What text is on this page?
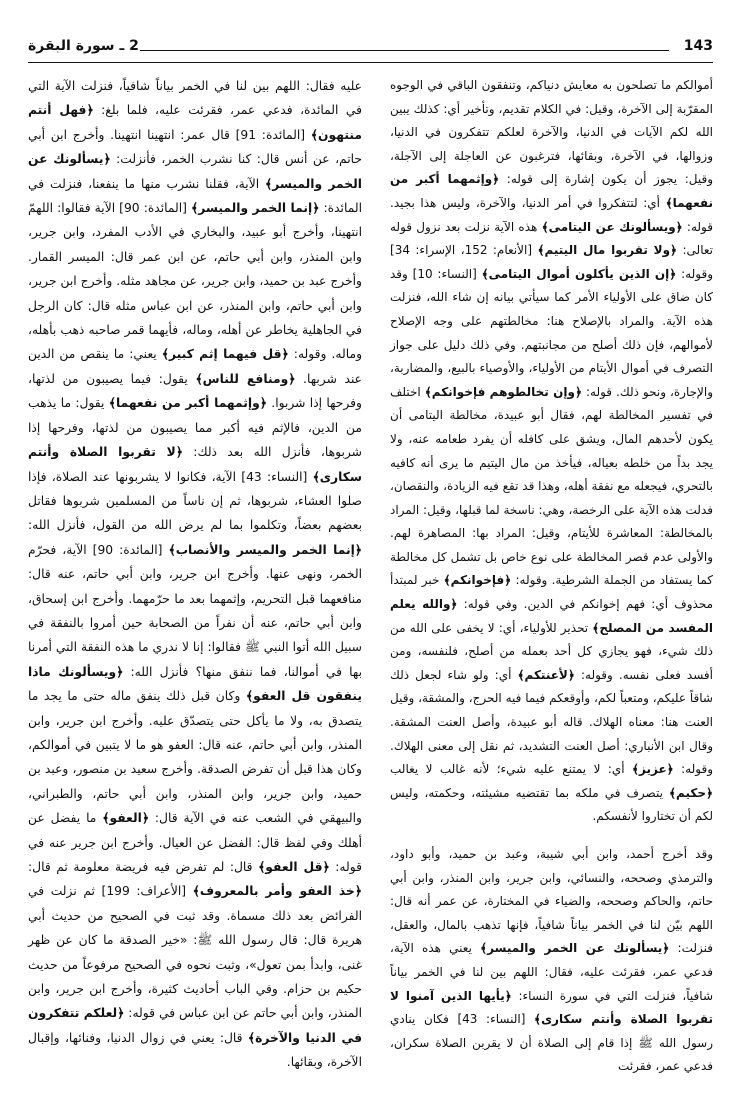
143
2 ـ سورة البقرة

أموالكم ما تصلحون به معايش دنياكم، وتنفقون الباقي في الوجوه المقرّبة إلى الآخرة، وقيل: في الكلام تقديم، وتأخير أي: كذلك يبين الله لكم الآيات في الدنيا، والآخرة لعلكم تتفكرون في الدنيا، وزوالها، في الآخرة، وبقائها، فترغبون عن العاجلة إلى الآجلة، وقيل: يجوز أن يكون إشارة إلى قوله: ﴿وإثمهما أكبر من نفعهما﴾ أي: لتتفكروا في أمر الدنيا، والآخرة، وليس هذا بجيد. قوله: ﴿ويسألونك عن اليتامى﴾ هذه الآية نزلت بعد نزول قوله تعالى: ﴿ولا تقربوا مال اليتيم﴾ [الأنعام: 152، الإسراء: 34] وقوله: ﴿إن الذين يأكلون أموال اليتامى﴾ [النساء: 10] وقد كان ضاق على الأولياء الأمر كما سيأتي بيانه إن شاء الله، فنزلت هذه الآية. والمراد بالإصلاح هنا: مخالطتهم على وجه الإصلاح لأموالهم، فإن ذلك أصلح من مجانبتهم. وفي ذلك دليل على جواز التصرف في أموال الأيتام من الأولياء، والأوصياء بالبيع، والمضاربة، والإجارة، ونحو ذلك. قوله: ﴿وإن تخالطوهم فإخوانكم﴾ اختلف في تفسير المخالطة لهم، فقال أبو عبيدة، مخالطة اليتامى أن يكون لأحدهم المال، ويشق على كافله أن يفرد طعامه عنه، ولا يجد بداً من خلطه بعياله، فيأخذ من مال اليتيم ما يرى أنه كافيه بالتحري، فيجعله مع نفقة أهله، وهذا قد تقع فيه الزيادة، والنقصان، فدلت هذه الآية على الرخصة، وهي: ناسخة لما قبلها، وقيل: المراد بالمخالطة: المعاشرة للأيتام، وقيل: المراد بها: المصاهرة لهم. والأولى عدم قصر المخالطة على نوع خاص بل تشمل كل مخالطة كما يستفاد من الجملة الشرطية. وقوله: ﴿فإخوانكم﴾ خبر لمبتدأ محذوف أي: فهم إخوانكم في الدين. وفي قوله: ﴿والله يعلم المفسد من المصلح﴾ تحذير للأولياء، أي: لا يخفى على الله من ذلك شيء، فهو يجازي كل أحد بعمله من أصلح، فلنفسه، ومن أفسد فعلى نفسه. وقوله: ﴿لأعنتكم﴾ أي: ولو شاء لجعل ذلك شاقاً عليكم، ومتعباً لكم، وأوقعكم فيما فيه الحرج، والمشقة، وقيل العنت هنا: معناه الهلاك. قاله أبو عبيدة، وأصل العنت المشقة. وقال ابن الأنباري: أصل العنت التشديد، ثم نقل إلى معنى الهلاك. وقوله: ﴿عزيز﴾ أي: لا يمتنع عليه شيء؛ لأنه غالب لا يغالب ﴿حكيم﴾ يتصرف في ملكه بما تقتضيه مشيئته، وحكمته، وليس لكم أن تختاروا لأنفسكم.

وقد أخرج أحمد، وابن أبي شيبة، وعبد بن حميد، وأبو داود، والترمذي وصححه، والنسائي، وابن جرير، وابن المنذر، وابن أبي حاتم، والحاكم وصححه، والضياء في المختارة، عن عمر أنه قال: اللهم بيّن لنا في الخمر بياناً شافياً، فإنها تذهب بالمال، والعقل، فنزلت: ﴿يسألونك عن الخمر والميسر﴾ يعني هذه الآية، فدعي عمر، فقرئت عليه، فقال: اللهم بين لنا في الخمر بياناً شافياً، فنزلت التي في سورة النساء: ﴿يأيها الذين آمنوا لا تقربوا الصلاة وأنتم سكارى﴾ [النساء: 43] فكان ينادي رسول الله ﷺ إذا قام إلى الصلاة أن لا يقربن الصلاة سكران، فدعي عمر، فقرئت

عليه فقال: اللهم بين لنا في الخمر بياناً شافياً، فنزلت الآية التي في المائدة، فدعي عمر، فقرئت عليه، فلما بلغ: ﴿فهل أنتم منتهون﴾ [المائدة: 91] قال عمر: انتهينا انتهينا. وأخرج ابن أبي حاتم، عن أنس قال: كنا نشرب الخمر، فأنزلت: ﴿يسألونك عن الخمر والميسر﴾ الآية، فقلنا نشرب منها ما ينفعنا، فنزلت في المائدة: ﴿إنما الخمر والميسر﴾ [المائدة: 90] الآية فقالوا: اللهمّ انتهينا، وأخرج أبو عبيد، والبخاري في الأدب المفرد، وابن جرير، وابن المنذر، وابن أبي حاتم، عن ابن عمر قال: الميسر القمار. وأخرج عبد بن حميد، وابن جرير، عن مجاهد مثله. وأخرج ابن جرير، وابن أبي حاتم، وابن المنذر، عن ابن عباس مثله قال: كان الرجل في الجاهلية يخاطر عن أهله، وماله، فأيهما قمر صاحبه ذهب بأهله، وماله. وقوله: ﴿قل فيهما إثم كبير﴾ يعني: ما ينقص من الدين عند شربها. ﴿ومنافع للناس﴾ يقول: فيما يصيبون من لذتها، وفرحها إذا شربوا. ﴿وإثمهما أكبر من نفعهما﴾ يقول: ما يذهب من الدين، فالإثم فيه أكبر مما يصيبون من لذتها، وفرحها إذا شربوها، فأنزل الله بعد ذلك: ﴿لا تقربوا الصلاة وأنتم سكارى﴾ [النساء: 43] الآية، فكانوا لا يشربونها عند الصلاة، فإذا صلوا العشاء، شربوها، ثم إن ناساً من المسلمين شربوها فقاتل بعضهم بعضاً، وتكلموا بما لم يرض الله من القول، فأنزل الله: ﴿إنما الخمر والميسر والأنصاب﴾ [المائدة: 90] الآية، فحرّم الخمر، ونهى عنها. وأخرج ابن جرير، وابن أبي حاتم، عنه قال: منافعهما قبل التحريم، وإثمهما بعد ما حرّمهما. وأخرج ابن إسحاق، وابن أبي حاتم، عنه أن نفراً من الصحابة حين أمروا بالنفقة في سبيل الله أتوا النبي ﷺ فقالوا: إنا لا ندري ما هذه النفقة التي أمرنا بها في أموالنا، فما ننفق منها؟ فأنزل الله: ﴿ويسألونك ماذا ينفقون قل العفو﴾ وكان قبل ذلك ينفق ماله حتى ما يجد ما يتصدق به، ولا ما يأكل حتى يتصدّق عليه. وأخرج ابن جرير، وابن المنذر، وابن أبي حاتم، عنه قال: العفو هو ما لا يتبين في أموالكم، وكان هذا قبل أن تفرض الصدقة. وأخرج سعيد بن منصور، وعبد بن حميد، وابن جرير، وابن المنذر، وابن أبي حاتم، والطبراني، والبيهقي في الشعب عنه في الآية قال: ﴿العفو﴾ ما يفضل عن أهلك وفي لفظ قال: الفضل عن العيال. وأخرج ابن جرير عنه في قوله: ﴿قل العفو﴾ قال: لم تفرض فيه فريضة معلومة ثم قال: ﴿خذ العفو وأمر بالمعروف﴾ [الأعراف: 199] ثم نزلت في الفرائض بعد ذلك مسماة. وقد ثبت في الصحيح من حديث أبي هريرة قال: قال رسول الله ﷺ: «خير الصدقة ما كان عن ظهر غنى، وابدأ بمن تعول»، وثبت نحوه في الصحيح مرفوعاً من حديث حكيم بن حزام. وفي الباب أحاديث كثيرة، وأخرج ابن جرير، وابن المنذر، وابن أبي حاتم عن ابن عباس في قوله: ﴿لعلكم تتفكرون في الدنيا والآخرة﴾ قال: يعني في زوال الدنيا، وفنائها، وإقبال الآخرة، وبقائها.
